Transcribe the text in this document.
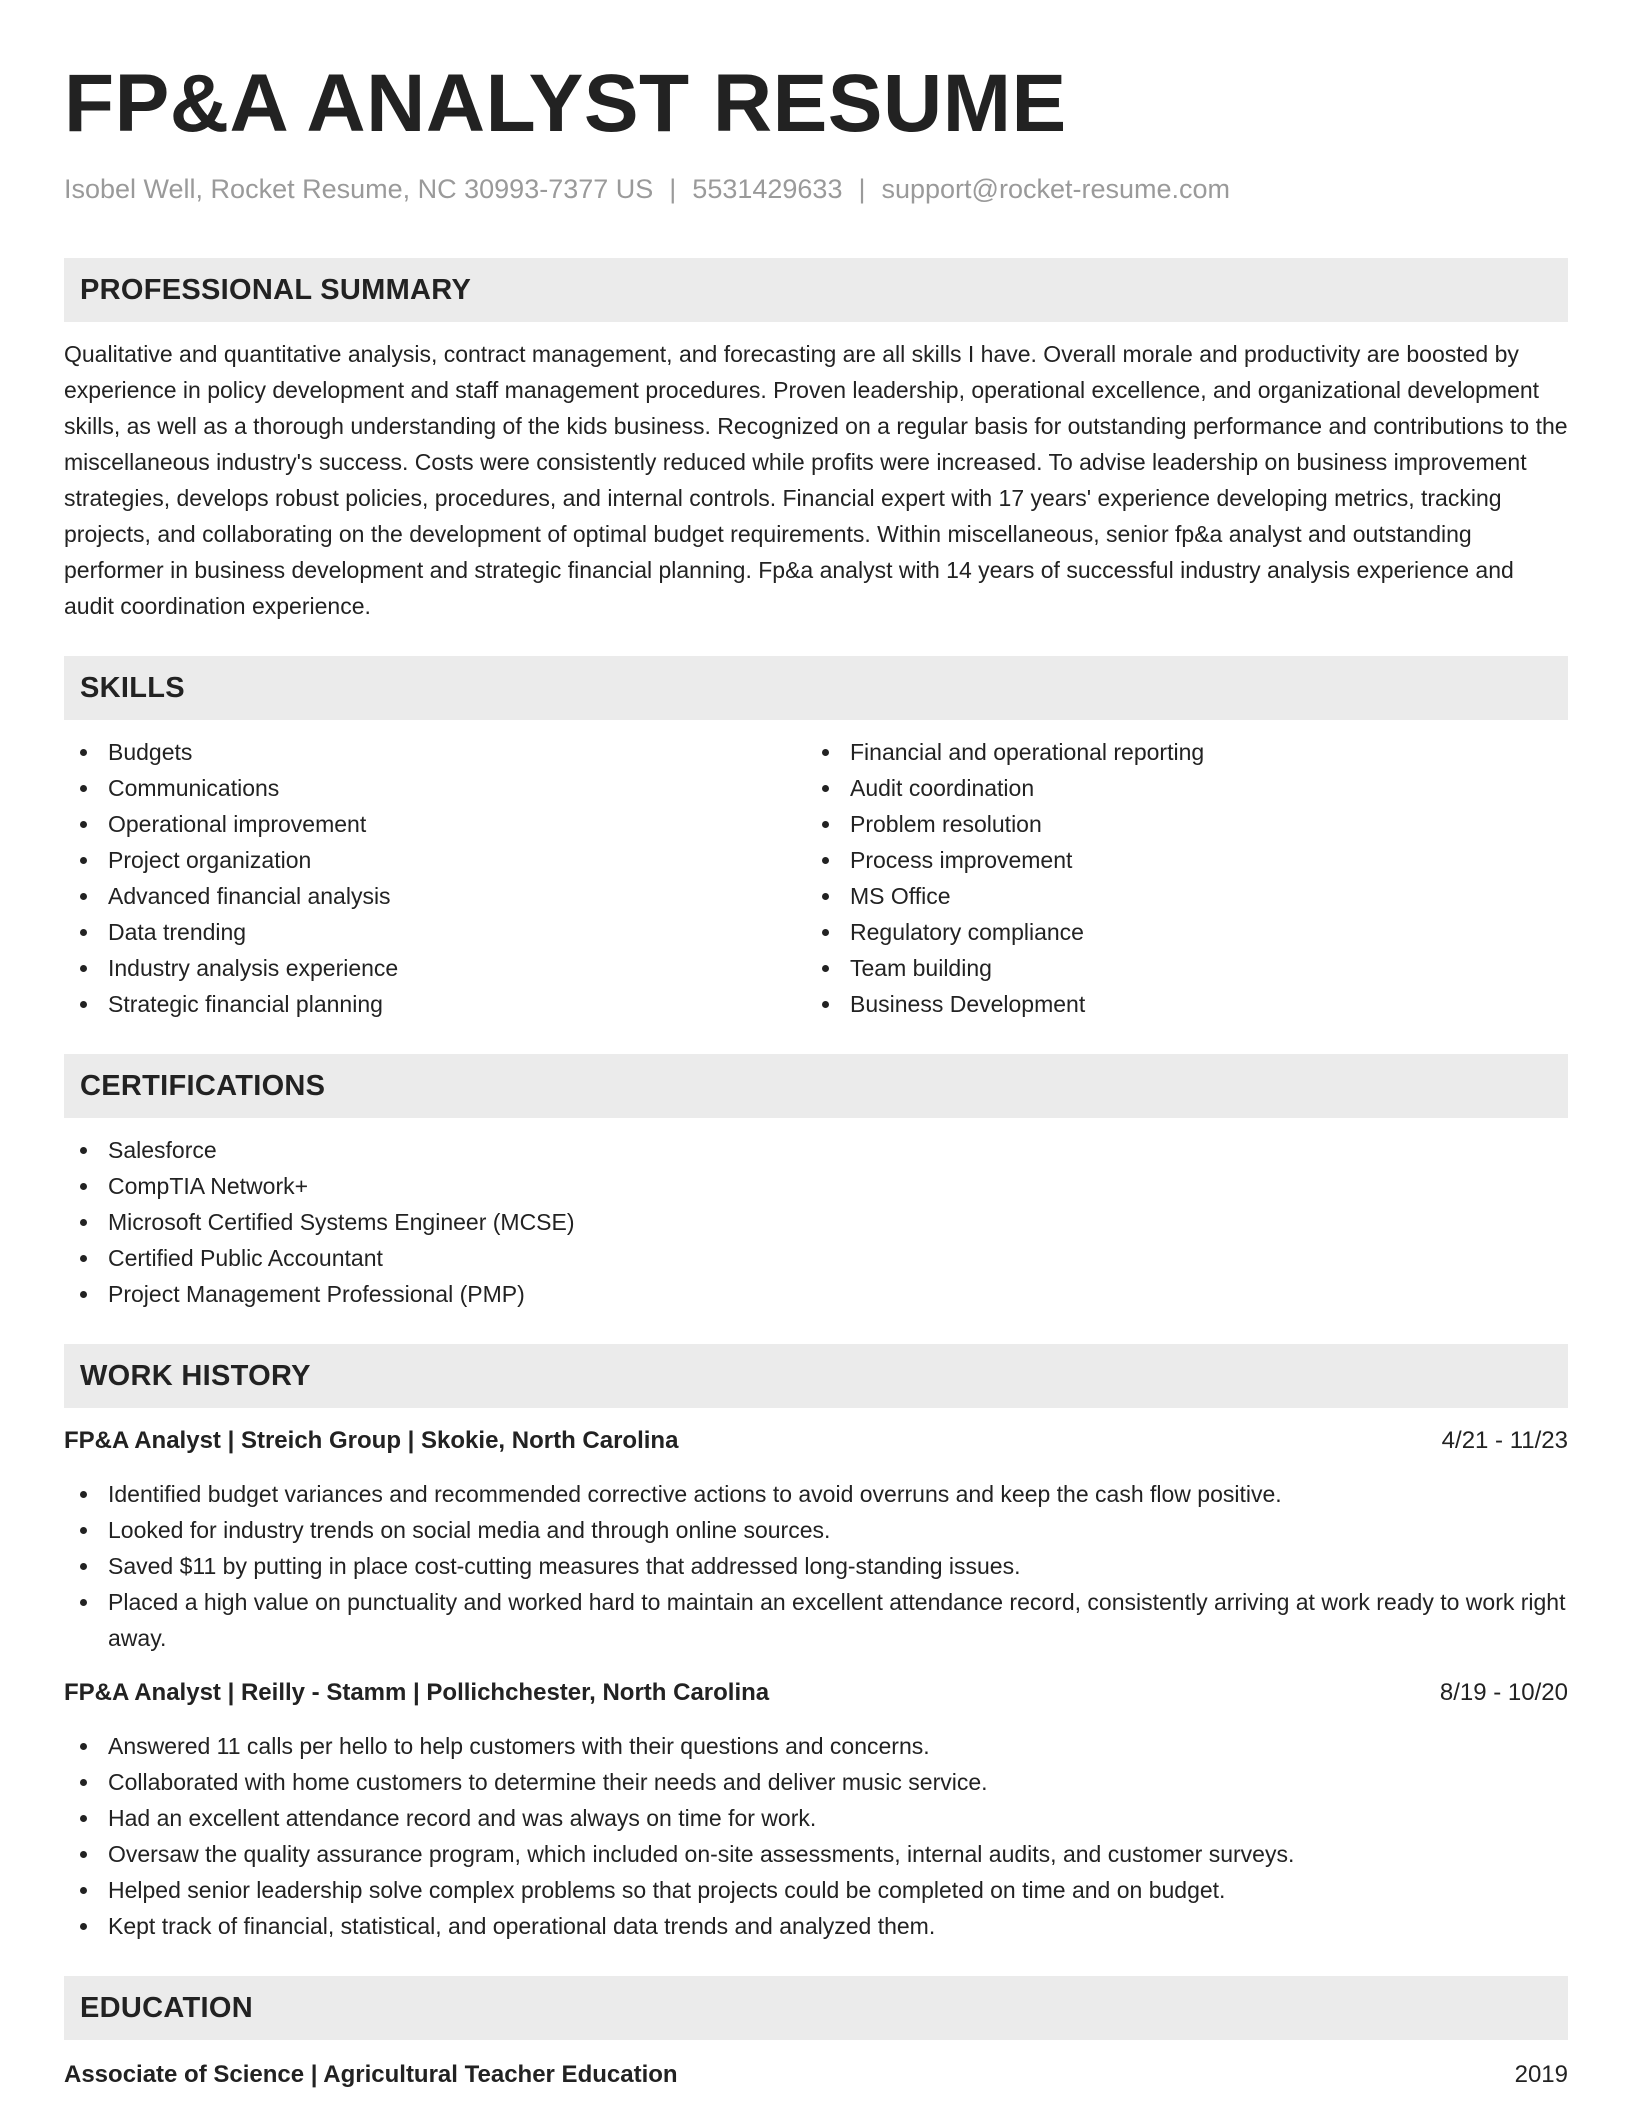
FP&A ANALYST RESUME
Isobel Well, Rocket Resume, NC 30993-7377 US | 5531429633 | support@rocket-resume.com
PROFESSIONAL SUMMARY

Qualitative and quantitative analysis, contract management, and forecasting are all skills I have. Overall morale and productivity are boosted by experience in policy development and staff management procedures. Proven leadership, operational excellence, and organizational development skills, as well as a thorough understanding of the kids business. Recognized on a regular basis for outstanding performance and contributions to the miscellaneous industry's success. Costs were consistently reduced while profits were increased. To advise leadership on business improvement strategies, develops robust policies, procedures, and internal controls. Financial expert with 17 years' experience developing metrics, tracking projects, and collaborating on the development of optimal budget requirements. Within miscellaneous, senior fp&a analyst and outstanding performer in business development and strategic financial planning. Fp&a analyst with 14 years of successful industry analysis experience and audit coordination experience.

SKILLS
Budgets
Communications
Operational improvement
Project organization
Advanced financial analysis
Data trending
Industry analysis experience
Strategic financial planning
Financial and operational reporting
Audit coordination
Problem resolution
Process improvement
MS Office
Regulatory compliance
Team building
Business Development
CERTIFICATIONS
Salesforce
CompTIA Network+
Microsoft Certified Systems Engineer (MCSE)
Certified Public Accountant
Project Management Professional (PMP)
WORK HISTORY
FP&A Analyst | Streich Group | Skokie, North Carolina	4/21 - 11/23
Identified budget variances and recommended corrective actions to avoid overruns and keep the cash flow positive.
Looked for industry trends on social media and through online sources.
Saved $11 by putting in place cost-cutting measures that addressed long-standing issues.
Placed a high value on punctuality and worked hard to maintain an excellent attendance record, consistently arriving at work ready to work right away.
FP&A Analyst | Reilly - Stamm | Pollichchester, North Carolina	8/19 - 10/20
Answered 11 calls per hello to help customers with their questions and concerns.
Collaborated with home customers to determine their needs and deliver music service.
Had an excellent attendance record and was always on time for work.
Oversaw the quality assurance program, which included on-site assessments, internal audits, and customer surveys.
Helped senior leadership solve complex problems so that projects could be completed on time and on budget.
Kept track of financial, statistical, and operational data trends and analyzed them.
EDUCATION
Associate of Science | Agricultural Teacher Education	2019
